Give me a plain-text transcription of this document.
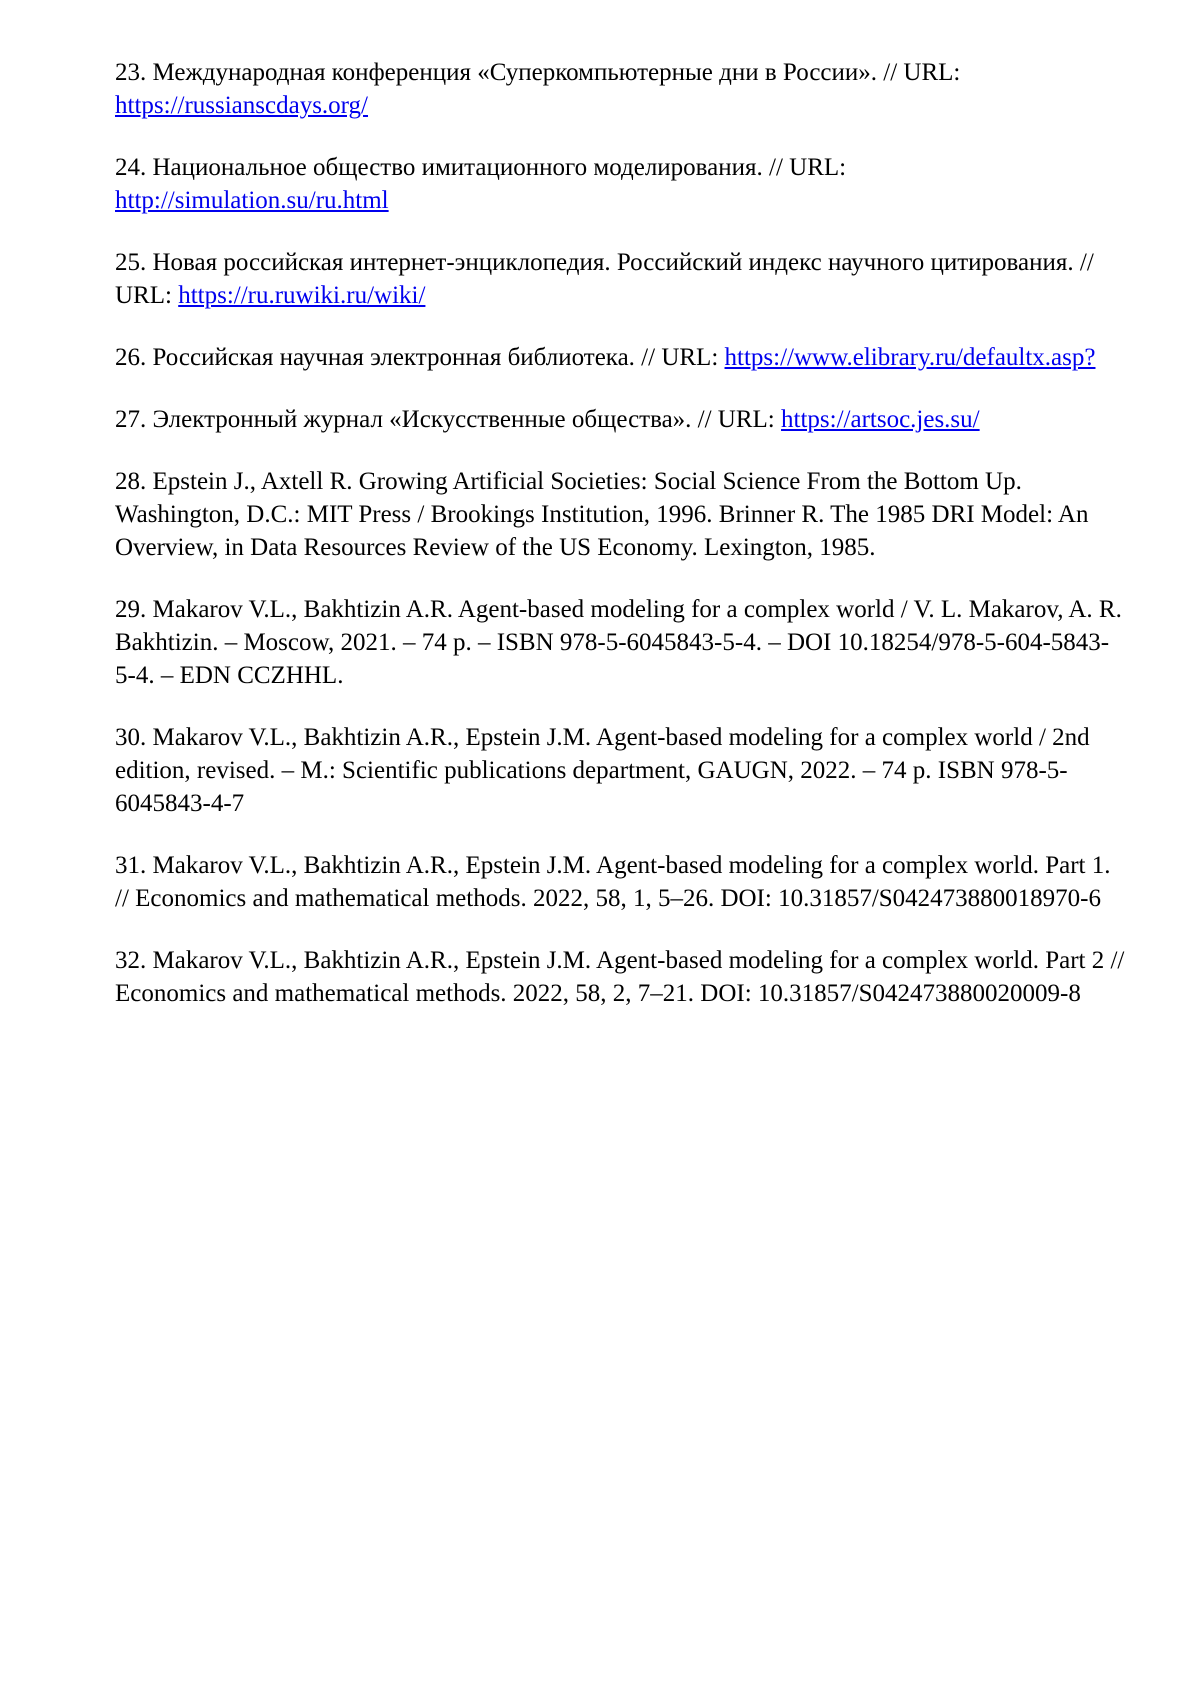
23. Международная конференция «Суперкомпьютерные дни в России». // URL: https://russianscdays.org/
24. Национальное общество имитационного моделирования. // URL: http://simulation.su/ru.html
25. Новая российская интернет-энциклопедия. Российский индекс научного цитирования. // URL: https://ru.ruwiki.ru/wiki/
26. Российская научная электронная библиотека. // URL: https://www.elibrary.ru/defaultx.asp?
27. Электронный журнал «Искусственные общества». // URL: https://artsoc.jes.su/
28. Epstein J., Axtell R. Growing Artificial Societies: Social Science From the Bottom Up. Washington, D.C.: MIT Press / Brookings Institution, 1996. Brinner R. The 1985 DRI Model: An Overview, in Data Resources Review of the US Economy. Lexington, 1985.
29. Makarov V.L., Bakhtizin A.R. Agent-based modeling for a complex world / V. L. Makarov, A. R. Bakhtizin. – Moscow, 2021. – 74 p. – ISBN 978-5-6045843-5-4. – DOI 10.18254/978-5-604-5843-5-4. – EDN CCZHHL.
30. Makarov V.L., Bakhtizin A.R., Epstein J.M. Agent-based modeling for a complex world / 2nd edition, revised. – M.: Scientific publications department, GAUGN, 2022. – 74 p. ISBN 978-5-6045843-4-7
31. Makarov V.L., Bakhtizin A.R., Epstein J.M. Agent-based modeling for a complex world. Part 1. // Economics and mathematical methods. 2022, 58, 1, 5–26. DOI: 10.31857/S042473880018970-6
32. Makarov V.L., Bakhtizin A.R., Epstein J.M. Agent-based modeling for a complex world. Part 2 // Economics and mathematical methods. 2022, 58, 2, 7–21. DOI: 10.31857/S042473880020009-8
